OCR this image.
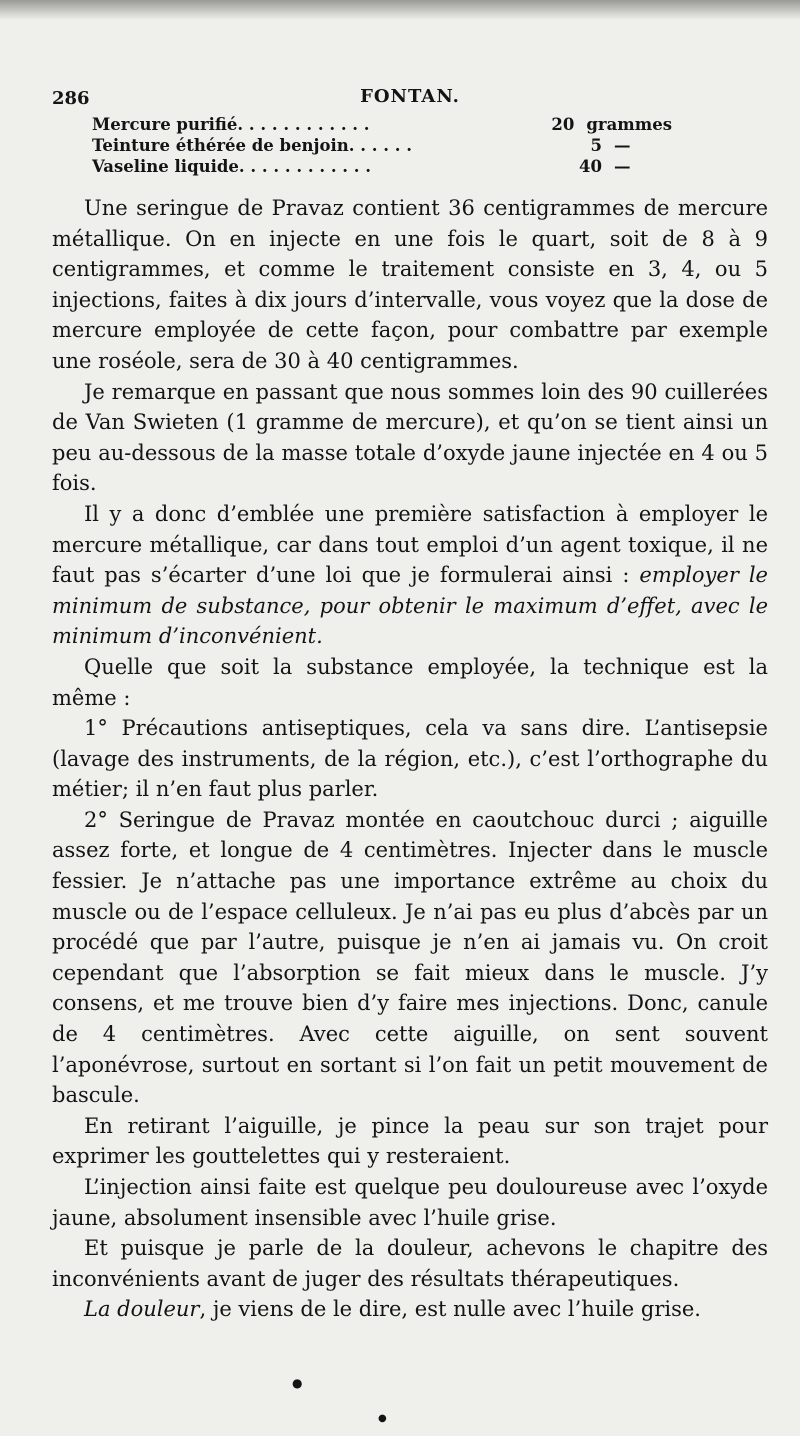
286	FONTAN.
Mercure purifié. . . . . . . . . . . .	20 grammes
Teinture éthérée de benjoin. . . . . .	5 —
Vaseline liquide. . . . . . . . . . . .	40 —

Une seringue de Pravaz contient 36 centigrammes de mercure métallique. On en injecte en une fois le quart, soit de 8 à 9 centigrammes, et comme le traitement consiste en 3, 4, ou 5 injections, faites à dix jours d’intervalle, vous voyez que la dose de mercure employée de cette façon, pour combattre par exemple une roséole, sera de 30 à 40 centigrammes.

Je remarque en passant que nous sommes loin des 90 cuillerées de Van Swieten (1 gramme de mercure), et qu’on se tient ainsi un peu au-dessous de la masse totale d’oxyde jaune injectée en 4 ou 5 fois.

Il y a donc d’emblée une première satisfaction à employer le mercure métallique, car dans tout emploi d’un agent toxique, il ne faut pas s’écarter d’une loi que je formulerai ainsi : employer le minimum de substance, pour obtenir le maximum d’effet, avec le minimum d’inconvénient.

Quelle que soit la substance employée, la technique est la même :

1° Précautions antiseptiques, cela va sans dire. L’antisepsie (lavage des instruments, de la région, etc.), c’est l’orthographe du métier; il n’en faut plus parler.

2° Seringue de Pravaz montée en caoutchouc durci ; aiguille assez forte, et longue de 4 centimètres. Injecter dans le muscle fessier. Je n’attache pas une importance extrême au choix du muscle ou de l’espace celluleux. Je n’ai pas eu plus d’abcès par un procédé que par l’autre, puisque je n’en ai jamais vu. On croit cependant que l’absorption se fait mieux dans le muscle. J’y consens, et me trouve bien d’y faire mes injections. Donc, canule de 4 centimètres. Avec cette aiguille, on sent souvent l’aponévrose, surtout en sortant si l’on fait un petit mouvement de bascule.

En retirant l’aiguille, je pince la peau sur son trajet pour exprimer les gouttelettes qui y resteraient.

L’injection ainsi faite est quelque peu douloureuse avec l’oxyde jaune, absolument insensible avec l’huile grise.

Et puisque je parle de la douleur, achevons le chapitre des inconvénients avant de juger des résultats thérapeutiques.

La douleur, je viens de le dire, est nulle avec l’huile grise.

●
●
